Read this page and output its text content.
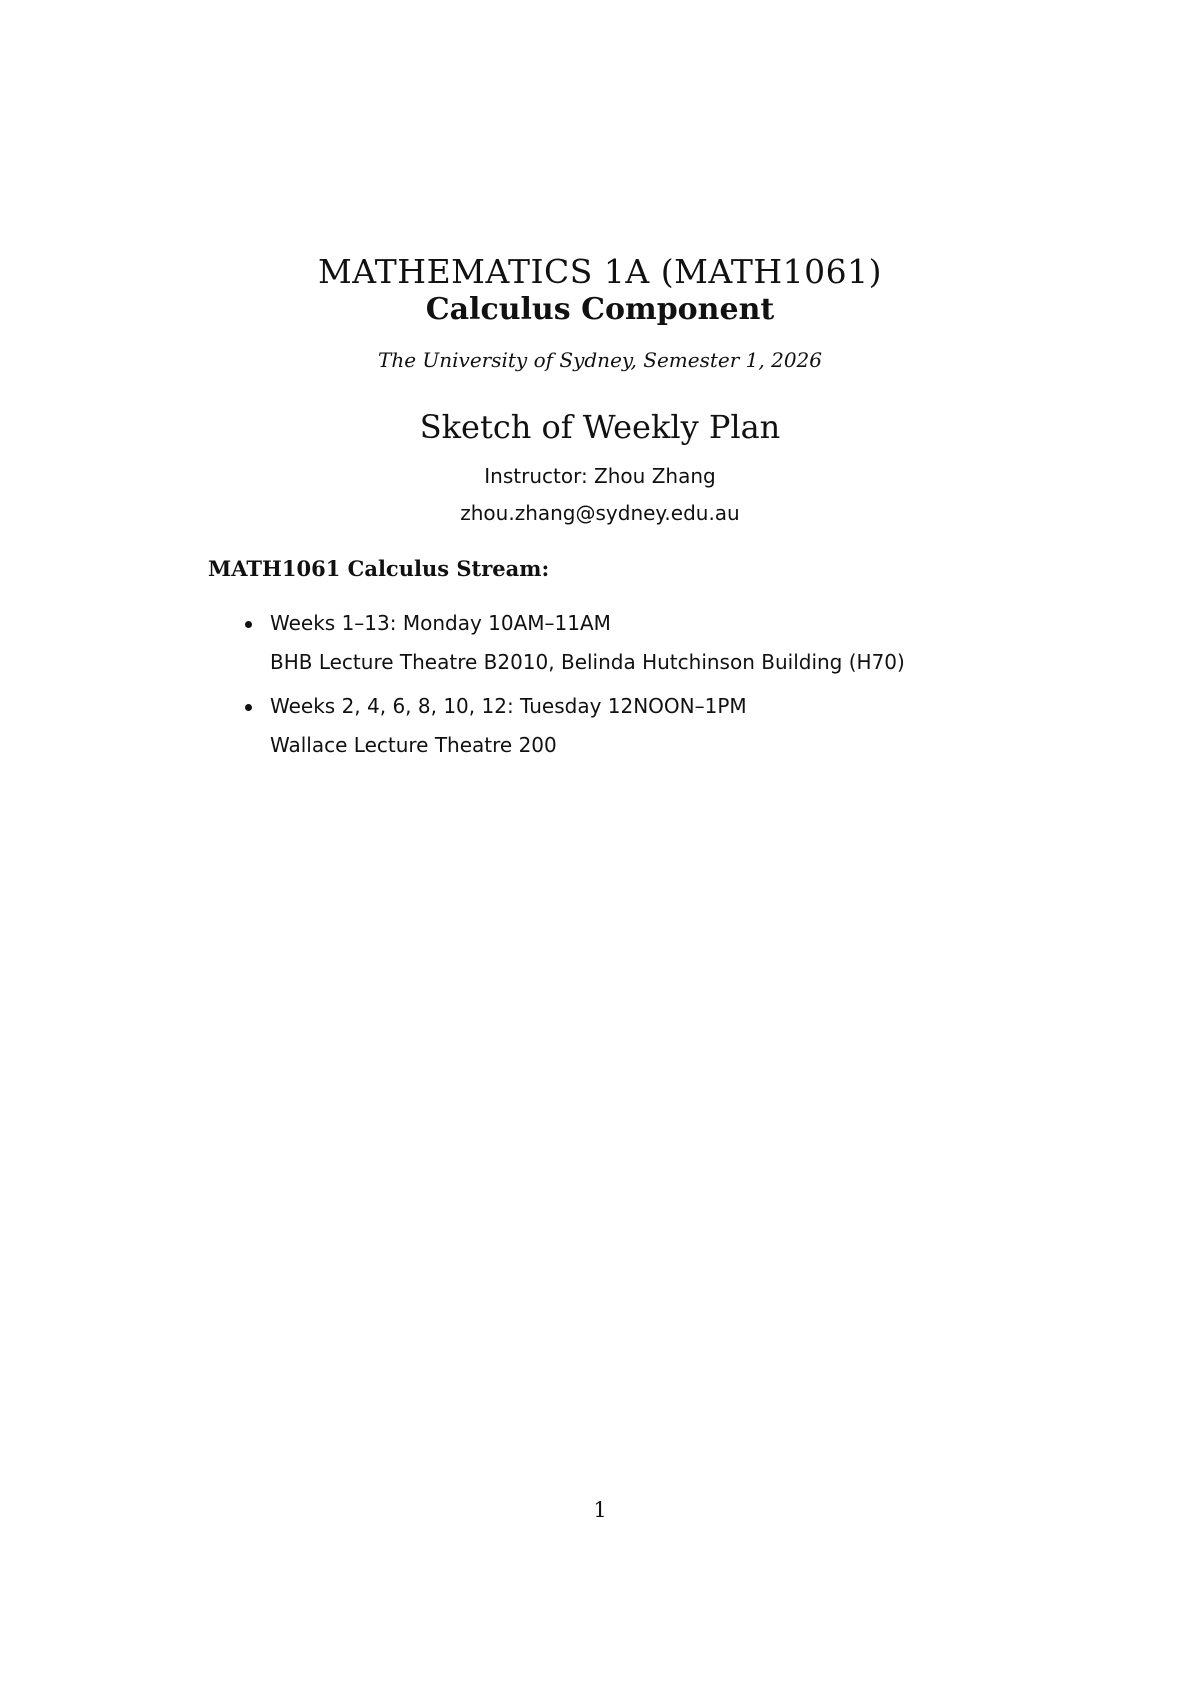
MATHEMATICS 1A (MATH1061)
Calculus Component
The University of Sydney, Semester 1, 2026
Sketch of Weekly Plan
Instructor: Zhou Zhang
zhou.zhang@sydney.edu.au
MATH1061 Calculus Stream:
Weeks 1–13: Monday 10AM–11AM
BHB Lecture Theatre B2010, Belinda Hutchinson Building (H70)
Weeks 2, 4, 6, 8, 10, 12: Tuesday 12NOON–1PM
Wallace Lecture Theatre 200
1
